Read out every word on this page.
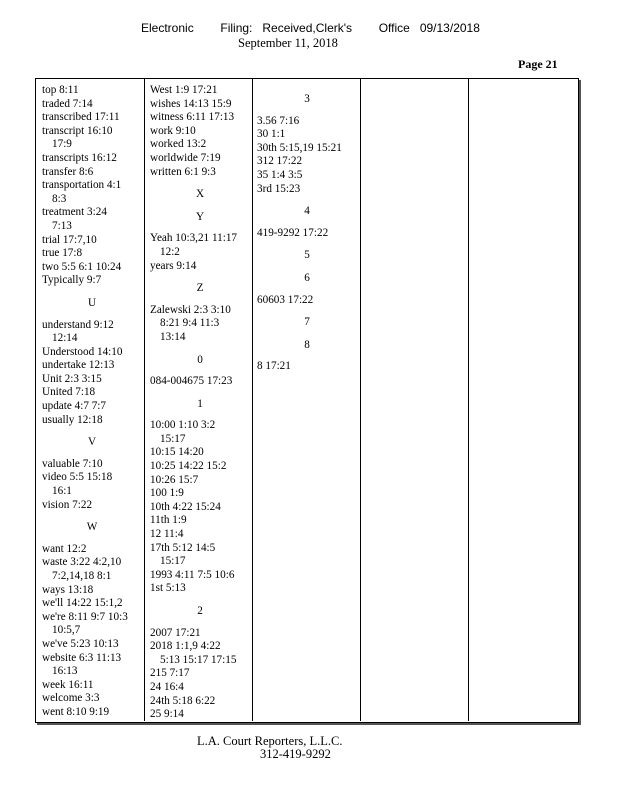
Electronic        Filing:   Received,Clerk's        Office   09/13/2018
September 11, 2018
Page 21
top 8:11
traded 7:14
transcribed 17:11
transcript 16:10
17:9
transcripts 16:12
transfer 8:6
transportation 4:1
8:3
treatment 3:24
7:13
trial 17:7,10
true 17:8
two 5:5 6:1 10:24
Typically 9:7
U
understand 9:12
12:14
Understood 14:10
undertake 12:13
Unit 2:3 3:15
United 7:18
update 4:7 7:7
usually 12:18
V
valuable 7:10
video 5:5 15:18
16:1
vision 7:22
W
want 12:2
waste 3:22 4:2,10
7:2,14,18 8:1
ways 13:18
we'll 14:22 15:1,2
we're 8:11 9:7 10:3
10:5,7
we've 5:23 10:13
website 6:3 11:13
16:13
week 16:11
welcome 3:3
went 8:10 9:19
West 1:9 17:21
wishes 14:13 15:9
witness 6:11 17:13
work 9:10
worked 13:2
worldwide 7:19
written 6:1 9:3
X
Y
Yeah 10:3,21 11:17
12:2
years 9:14
Z
Zalewski 2:3 3:10
8:21 9:4 11:3
13:14
0
084-004675 17:23
1
10:00 1:10 3:2
15:17
10:15 14:20
10:25 14:22 15:2
10:26 15:7
100 1:9
10th 4:22 15:24
11th 1:9
12 11:4
17th 5:12 14:5
15:17
1993 4:11 7:5 10:6
1st 5:13
2
2007 17:21
2018 1:1,9 4:22
5:13 15:17 17:15
215 7:17
24 16:4
24th 5:18 6:22
25 9:14
3
3.56 7:16
30 1:1
30th 5:15,19 15:21
312 17:22
35 1:4 3:5
3rd 15:23
4
419-9292 17:22
5
6
60603 17:22
7
8
8 17:21
L.A. Court Reporters, L.L.C.
312-419-9292
